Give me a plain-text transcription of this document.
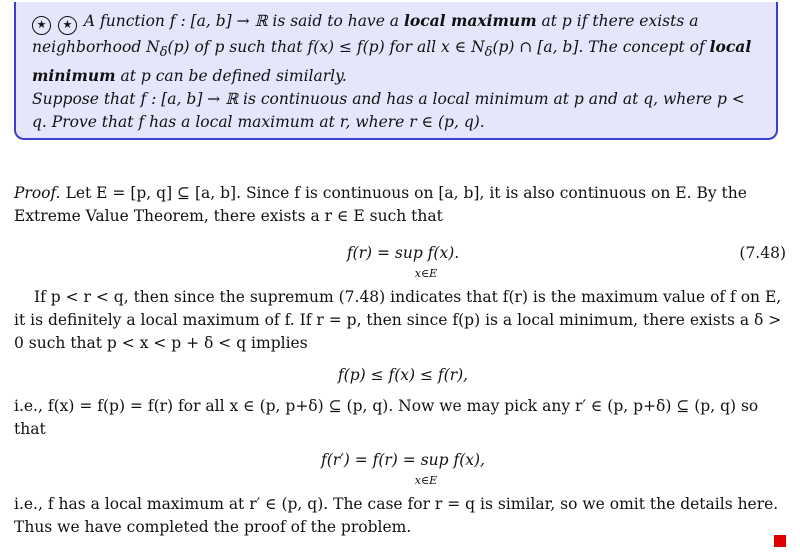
★ ★ A function f : [a, b] → ℝ is said to have a local maximum at p if there exists a neighborhood $N_\delta(p)$ of p such that f(x) ≤ f(p) for all x ∈ $N_\delta(p)$ ∩ [a, b]. The concept of local minimum at p can be defined similarly.

Suppose that f : [a, b] → ℝ is continuous and has a local minimum at p and at q, where p < q. Prove that f has a local maximum at r, where r ∈ (p, q).

Proof. Let E = [p, q] ⊆ [a, b]. Since f is continuous on [a, b], it is also continuous on E. By the Extreme Value Theorem, there exists a r ∈ E such that

f(r) = sup f(x).
x∈E
(7.48)

If p < r < q, then since the supremum (7.48) indicates that f(r) is the maximum value of f on E, it is definitely a local maximum of f. If r = p, then since f(p) is a local minimum, there exists a δ > 0 such that p < x < p + δ < q implies

f(p) ≤ f(x) ≤ f(r),

i.e., f(x) = f(p) = f(r) for all x ∈ (p, p+δ) ⊆ (p, q). Now we may pick any r′ ∈ (p, p+δ) ⊆ (p, q) so that

f(r′) = f(r) = sup f(x),
x∈E

i.e., f has a local maximum at r′ ∈ (p, q). The case for r = q is similar, so we omit the details here. Thus we have completed the proof of the problem.
